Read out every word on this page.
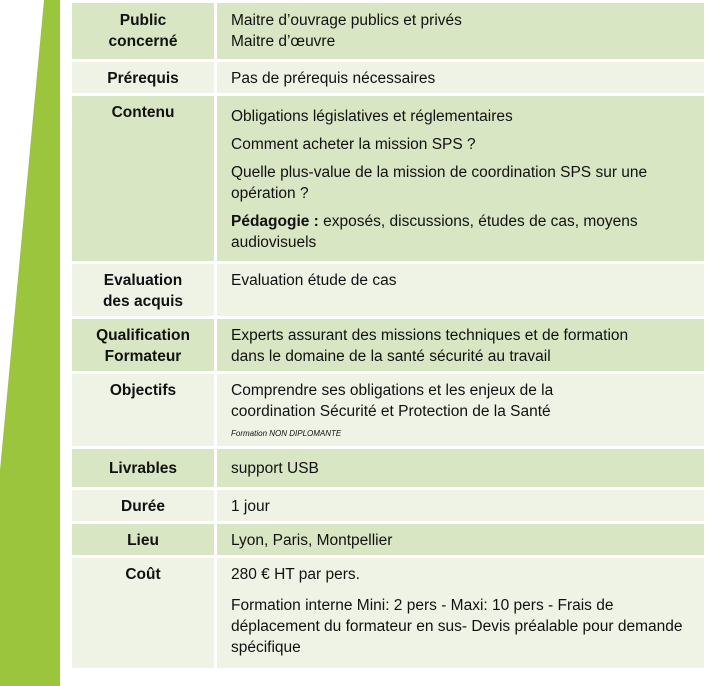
Public
concerné	Maitre d’ouvrage publics et privés
Maitre d’œuvre

Prérequis	Pas de prérequis nécessaires

Contenu	Obligations législatives et réglementaires
Comment acheter la mission SPS ?
Quelle plus-value de la mission de coordination SPS sur une opération ?
Pédagogie : exposés, discussions, études de cas, moyens audiovisuels

Evaluation
des acquis	Evaluation étude de cas

Qualification
Formateur	Experts assurant des missions techniques et de formation
dans le domaine de la santé sécurité au travail

Objectifs	Comprendre ses obligations et les enjeux de la
coordination Sécurité et Protection de la Santé
Formation NON DIPLOMANTE

Livrables	support USB

Durée	1 jour

Lieu	Lyon, Paris, Montpellier

Coût	280 € HT par pers.
Formation interne Mini: 2 pers - Maxi: 10 pers - Frais de déplacement du formateur en sus- Devis préalable pour demande spécifique
